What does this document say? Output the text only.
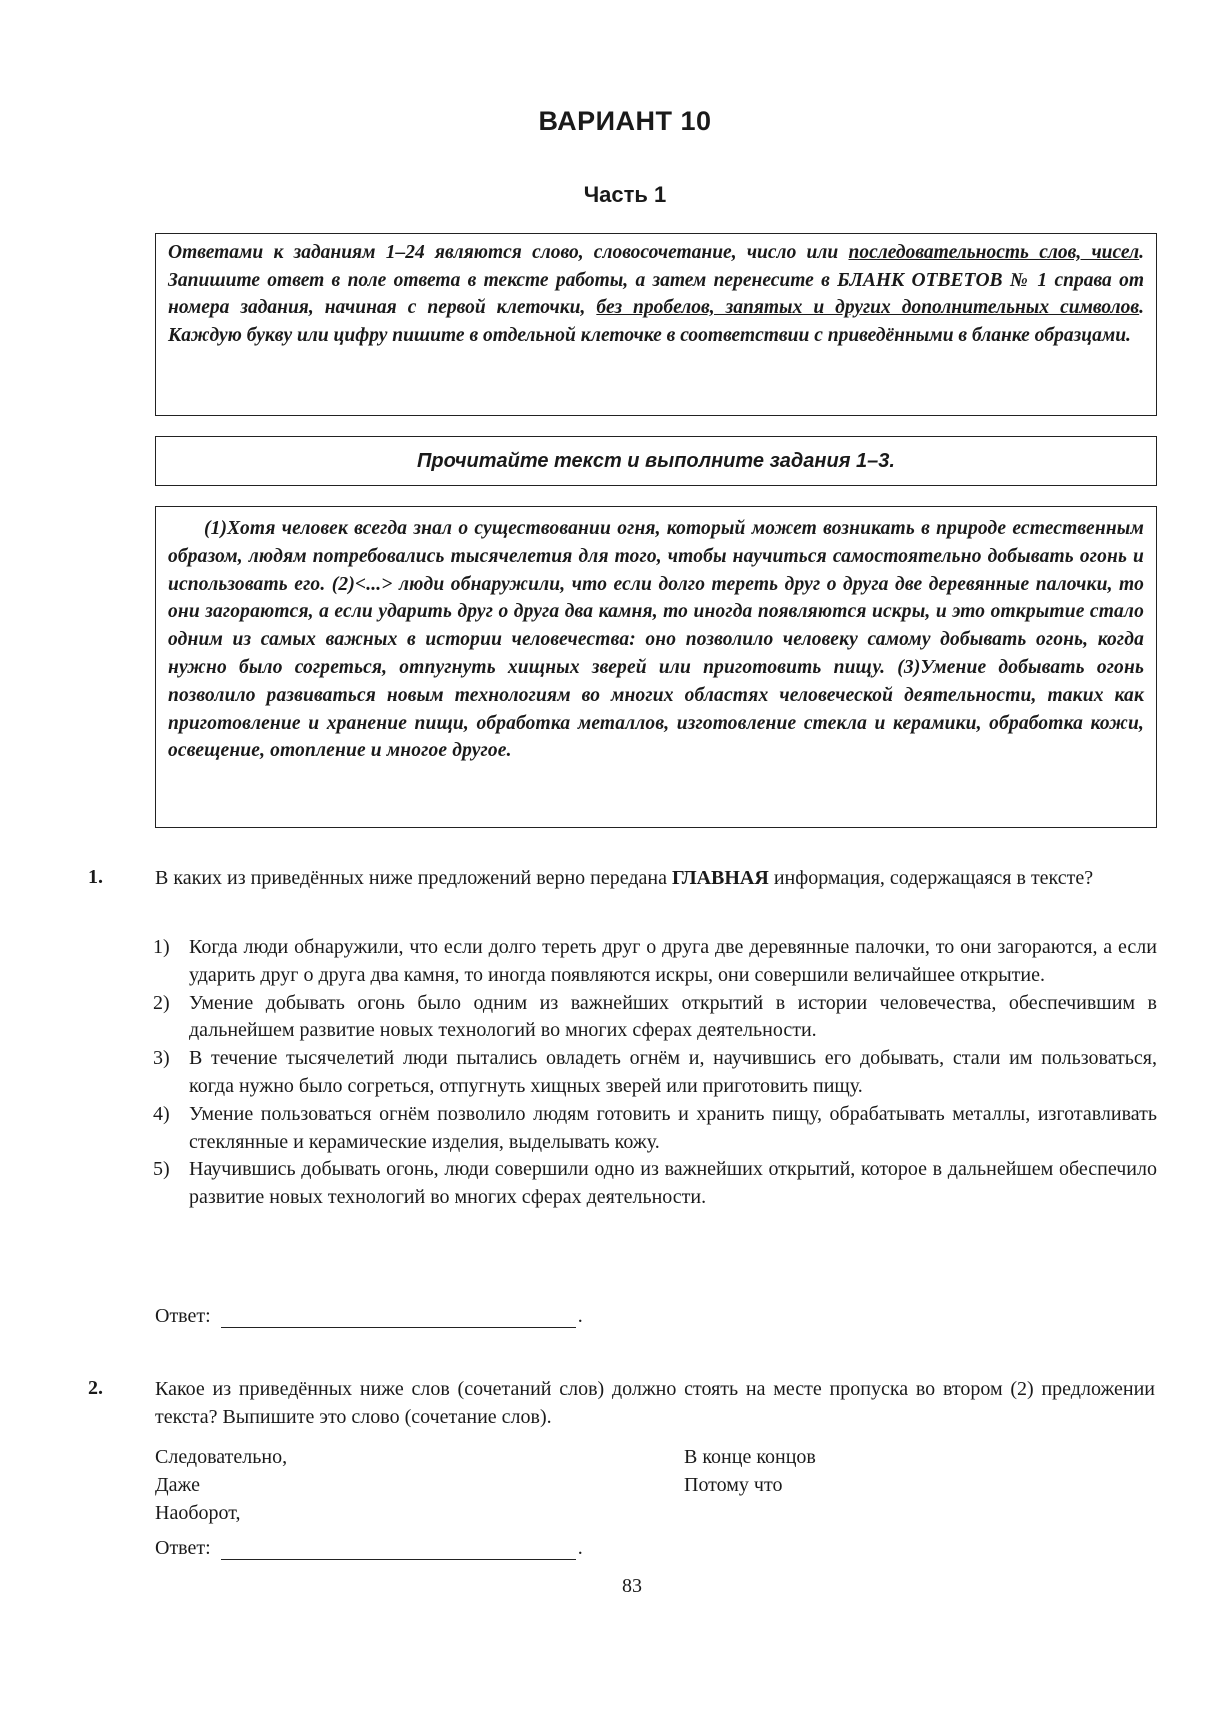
ВАРИАНТ 10
Часть 1

Ответами к заданиям 1–24 являются слово, словосочетание, число или последовательность слов, чисел. Запишите ответ в поле ответа в тексте работы, а затем перенесите в БЛАНК ОТВЕТОВ № 1 справа от номера задания, начиная с первой клеточки, без пробелов, запятых и других дополнительных символов. Каждую букву или цифру пишите в отдельной клеточке в соответствии с приведёнными в бланке образцами.

Прочитайте текст и выполните задания 1–3.

(1)Хотя человек всегда знал о существовании огня, который может возникать в природе естественным образом, людям потребовались тысячелетия для того, чтобы научиться самостоятельно добывать огонь и использовать его. (2)<...> люди обнаружили, что если долго тереть друг о друга две деревянные палочки, то они загораются, а если ударить друг о друга два камня, то иногда появляются искры, и это открытие стало одним из самых важных в истории человечества: оно позволило человеку самому добывать огонь, когда нужно было согреться, отпугнуть хищных зверей или приготовить пищу. (3)Умение добывать огонь позволило развиваться новым технологиям во многих областях человеческой деятельности, таких как приготовление и хранение пищи, обработка металлов, изготовление стекла и керамики, обработка кожи, освещение, отопление и многое другое.

1.	В каких из приведённых ниже предложений верно передана ГЛАВНАЯ информация, содержащаяся в тексте?
1) Когда люди обнаружили, что если долго тереть друг о друга две деревянные палочки, то они загораются, а если ударить друг о друга два камня, то иногда появляются искры, они совершили величайшее открытие.
2) Умение добывать огонь было одним из важнейших открытий в истории человечества, обеспечившим в дальнейшем развитие новых технологий во многих сферах деятельности.
3) В течение тысячелетий люди пытались овладеть огнём и, научившись его добывать, стали им пользоваться, когда нужно было согреться, отпугнуть хищных зверей или приготовить пищу.
4) Умение пользоваться огнём позволило людям готовить и хранить пищу, обрабатывать металлы, изготавливать стеклянные и керамические изделия, выделывать кожу.
5) Научившись добывать огонь, люди совершили одно из важнейших открытий, которое в дальнейшем обеспечило развитие новых технологий во многих сферах деятельности.
Ответ:	.
2.	Какое из приведённых ниже слов (сочетаний слов) должно стоять на месте пропуска во втором (2) предложении текста? Выпишите это слово (сочетание слов).
Следовательно,
Даже
Наоборот,
В конце концов
Потому что
Ответ:	.
83
